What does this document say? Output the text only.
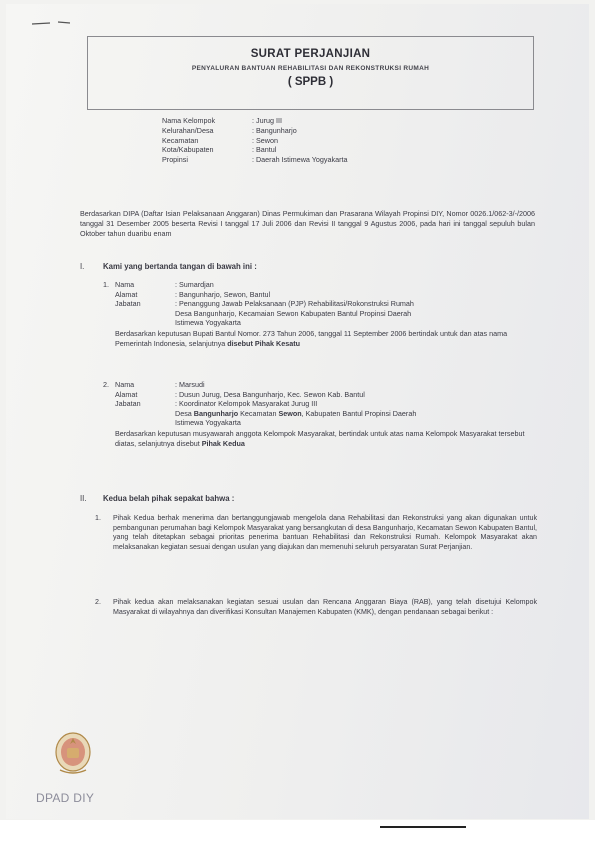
SURAT PERJANJIAN
PENYALURAN BANTUAN REHABILITASI DAN REKONSTRUKSI RUMAH
( SPPB )
Nama Kelompok	: Jurug III
Kelurahan/Desa	: Bangunharjo
Kecamatan	: Sewon
Kota/Kabupaten	: Bantul
Propinsi	: Daerah Istimewa Yogyakarta
Berdasarkan DIPA (Daftar Isian Pelaksanaan Anggaran) Dinas Permukiman dan Prasarana Wilayah Propinsi DIY, Nomor 0026.1/062-3/-/2006 tanggal 31 Desember 2005 beserta Revisi I tanggal 17 Juli 2006 dan Revisi II tanggal 9 Agustus 2006, pada hari ini tanggal sepuluh bulan Oktober tahun duaribu enam
I. Kami yang bertanda tangan di bawah ini :
1. Nama	: Sumardjan
Alamat	: Bangunharjo, Sewon, Bantul
Jabatan	: Penanggung Jawab Pelaksanaan (PJP) Rehabilitasi/Rokonstruksi Rumah
Desa Bangunharjo, Kecamaian Sewon Kabupaten Bantul Propinsi Daerah
Istimewa Yogyakarta
Berdasarkan keputusan Bupati Bantul Nomor. 273 Tahun 2006, tanggal 11 September 2006 bertindak untuk dan atas nama Pemerintah Indonesia, selanjutnya disebut Pihak Kesatu
2. Nama	: Marsudi
Alamat	: Dusun Jurug, Desa Bangunharjo, Kec. Sewon Kab. Bantul
Jabatan	: Koordinator Kelompok Masyarakat Jurug III
Desa Bangunharjo Kecamatan Sewon, Kabupaten Bantul Propinsi Daerah
Istimewa Yogyakarta
Berdasarkan keputusan musyawarah anggota Kelompok Masyarakat, bertindak untuk atas nama Kelompok Masyarakat tersebut diatas, selanjutnya disebut Pihak Kedua
II. Kedua belah pihak sepakat bahwa :
1.	Pihak Kedua berhak menerima dan bertanggungjawab mengelola dana Rehabilitasi dan Rekonstruksi yang akan digunakan untuk pembangunan perumahan bagi Kelompok Masyarakat yang bersangkutan di desa Bangunharjo, Kecamatan Sewon Kabupaten Bantul, yang telah ditetapkan sebagai prioritas penerima bantuan Rehabilitasi dan Rekonstruksi Rumah. Kelompok Masyarakat akan melaksanakan kegiatan sesuai dengan usulan yang diajukan dan memenuhi seluruh persyaratan Surat Perjanjian.
2.	Pihak kedua akan melaksanakan kegiatan sesuai usulan dan Rencana Anggaran Biaya (RAB), yang telah disetujui Kelompok Masyarakat di wilayahnya dan diverifikasi Konsultan Manajemen Kabupaten (KMK), dengan pendanaan sebagai berikut :
DPAD DIY
